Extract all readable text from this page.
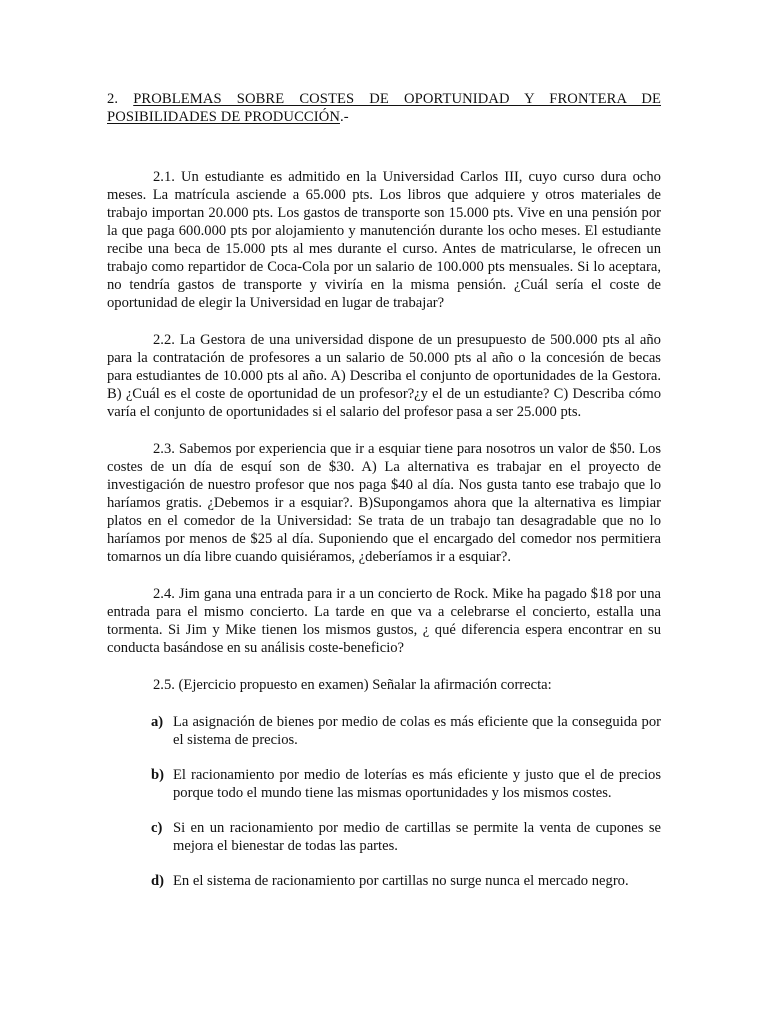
2. PROBLEMAS SOBRE COSTES DE OPORTUNIDAD Y FRONTERA DE POSIBILIDADES DE PRODUCCIÓN.-

2.1. Un estudiante es admitido en la Universidad Carlos III, cuyo curso dura ocho meses. La matrícula asciende a 65.000 pts. Los libros que adquiere y otros materiales de trabajo importan 20.000 pts. Los gastos de transporte son 15.000 pts. Vive en una pensión por la que paga 600.000 pts por alojamiento y manutención durante los ocho meses. El estudiante recibe una beca de 15.000 pts al mes durante el curso. Antes de matricularse, le ofrecen un trabajo como repartidor de Coca-Cola por un salario de 100.000 pts mensuales. Si lo aceptara, no tendría gastos de transporte y viviría en la misma pensión. ¿Cuál sería el coste de oportunidad de elegir la Universidad en lugar de trabajar?

2.2. La Gestora de una universidad dispone de un presupuesto de 500.000 pts al año para la contratación de profesores a un salario de 50.000 pts al año o la concesión de becas para estudiantes de 10.000 pts al año. A) Describa el conjunto de oportunidades de la Gestora. B) ¿Cuál es el coste de oportunidad de un profesor?¿y el de un estudiante? C) Describa cómo varía el conjunto de oportunidades si el salario del profesor pasa a ser 25.000 pts.

2.3. Sabemos por experiencia que ir a esquiar tiene para nosotros un valor de $50. Los costes de un día de esquí son de $30. A) La alternativa es trabajar en el proyecto de investigación de nuestro profesor que nos paga $40 al día. Nos gusta tanto ese trabajo que lo haríamos gratis. ¿Debemos ir a esquiar?. B)Supongamos ahora que la alternativa es limpiar platos en el comedor de la Universidad: Se trata de un trabajo tan desagradable que no lo haríamos por menos de $25 al día. Suponiendo que el encargado del comedor nos permitiera tomarnos un día libre cuando quisiéramos, ¿deberíamos ir a esquiar?.

2.4. Jim gana una entrada para ir a un concierto de Rock. Mike ha pagado $18 por una entrada para el mismo concierto. La tarde en que va a celebrarse el concierto, estalla una tormenta. Si Jim y Mike tienen los mismos gustos, ¿ qué diferencia espera encontrar en su conducta basándose en su análisis coste-beneficio?

2.5. (Ejercicio propuesto en examen) Señalar la afirmación correcta:

a) La asignación de bienes por medio de colas es más eficiente que la conseguida por el sistema de precios.
b) El racionamiento por medio de loterías es más eficiente y justo que el de precios porque todo el mundo tiene las mismas oportunidades y los mismos costes.
c) Si en un racionamiento por medio de cartillas se permite la venta de cupones se mejora el bienestar de todas las partes.
d) En el sistema de racionamiento por cartillas no surge nunca el mercado negro.
